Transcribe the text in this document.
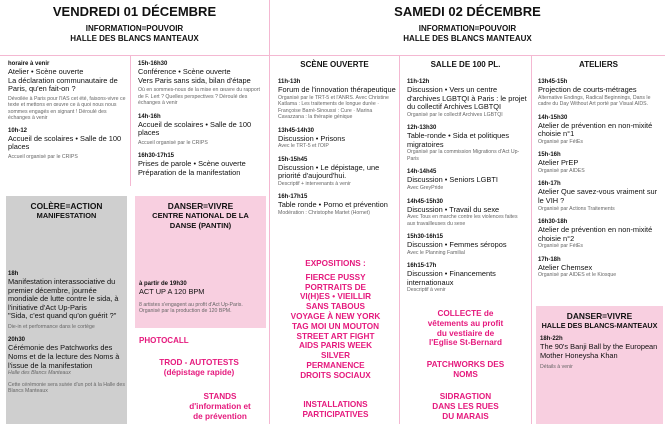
VENDREDI 01 DÉCEMBRE
INFORMATION=POUVOIR
HALLE DES BLANCS MANTEAUX
horaire à venir
Atelier • Scène ouverte
La déclaration communautaire de Paris, qu'en fait-on ?
Dévoilée à Paris pour l'IAS cet été, faisons-vivre ce texte et mettons en œuvre ce à quoi nous nous sommes engagés en signant ! Déroulé des échanges à venir
10h-12
Accueil de scolaires • Salle de 100 places
Accueil organisé par le CRIPS
15h-16h30
Conférence • Scène ouverte
Vers Paris sans sida, bilan d'étape
Où en sommes-nous de la mise en œuvre du rapport de F. Lert ? Quelles perspectives ? Déroulé des échanges à venir
14h-16h
Accueil de scolaires • Salle de 100 places
Accueil organisé par le CRIPS
16h30-17h15
Prises de parole • Scène ouverte
Préparation de la manifestation
COLÈRE=ACTION
MANIFESTATION
18h
Manifestation interassociative du premier décembre, journée mondiale de lutte contre le sida, à l'initiative d'Act Up-Paris
"Sida, c'est quand qu'on guérit ?"
Die-in et performance dans le cortège
20h30
Cérémonie des Patchworks des Noms et de la lecture des Noms à l'issue de la manifestation
Halle des Blancs Manteaux
Cette cérémonie sera suivie d'un pot à la Halle des Blancs Manteaux
DANSER=VIVRE
CENTRE NATIONAL DE LA
DANSE (PANTIN)
à partir de 19h30
ACT UP A 120 BPM
8 artistes s'engagent au profit d'Act Up-Paris. Organisé par la production de 120 BPM.
PHOTOCALL
TROD - AUTOTESTS
(dépistage rapide)
STANDS
d'information et
de prévention
SAMEDI 02 DÉCEMBRE
INFORMATION=POUVOIR
HALLE DES BLANCS MANTEAUX
SCÈNE OUVERTE
11h-13h
Forum de l'innovation thérapeutique
Organisé par le TRT-5 et l'ANRS. Avec Christine Katlama : Les traitements de longue durée · Françoise Barré-Sinoussi : Cure · Marina Cavazzana : la thérapie génique
13h45-14h30
Discussion • Prisons
Avec le TRT-5 et l'OIP
15h-15h45
Discussion • Le dépistage, une priorité d'aujourd'hui.
Descriptif + intervenants à venir
16h-17h15
Table ronde • Porno et prévention
Modération : Christophe Martet (Hornet)
EXPOSITIONS :
FIERCE PUSSY
PORTRAITS DE
VI(H)ES • VIEILLIR
SANS TABOUS
VOYAGE À NEW YORK
TAG MOI UN MOUTON
STREET ART FIGHT
AIDS PARIS WEEK
SILVER
PERMANENCE
DROITS SOCIAUX
INSTALLATIONS
PARTICIPATIVES
SALLE DE 100 PL.
11h-12h
Discussion • Vers un centre d'archives LGBTQI à Paris : le projet du collectif Archives LGBTQI
Organisé par le collectif Archives LGBTQI
12h-13h30
Table-ronde • Sida et politiques migratoires
Organisé par la commission Migrations d'Act Up-Paris
14h-14h45
Discussion • Seniors LGBTI
Avec GreyPride
14h45-15h30
Discussion • Travail du sexe
Avec Tous en marche contre les violences faites aux travailleuses du sexe
15h30-16h15
Discussion • Femmes séropos
Avec le Planning Familial
16h15-17h
Discussion • Financements internationaux
Descriptif à venir
COLLECTE de
vêtements au profit
du vestiaire de
l'Eglise St-Bernard
PATCHWORKS DES
NOMS
SIDRAGTION
DANS LES RUES
DU MARAIS
ATELIERS
13h45-15h
Projection de courts-métrages
Alternative Endings, Radical Beginnings, Dans le cadre du Day Without Art porté par Visual AIDS.
14h-15h30
Atelier de prévention en non-mixité choisie n°1
Organisé par FétEs
15h-16h
Atelier PrEP
Organisé par AIDES
16h-17h
Atelier Que savez-vous vraiment sur le VIH ?
Organisé par Actions Traitements
16h30-18h
Atelier de prévention en non-mixité choisie n°2
Organisé par FétEs
17h-18h
Atelier Chemsex
Organisé par AIDES et le Kiosque
DANSER=VIVRE
HALLE DES BLANCS-MANTEAUX
18h-22h
The 90's Banji Ball by the European Mother Honeysha Khan
Détails à venir
